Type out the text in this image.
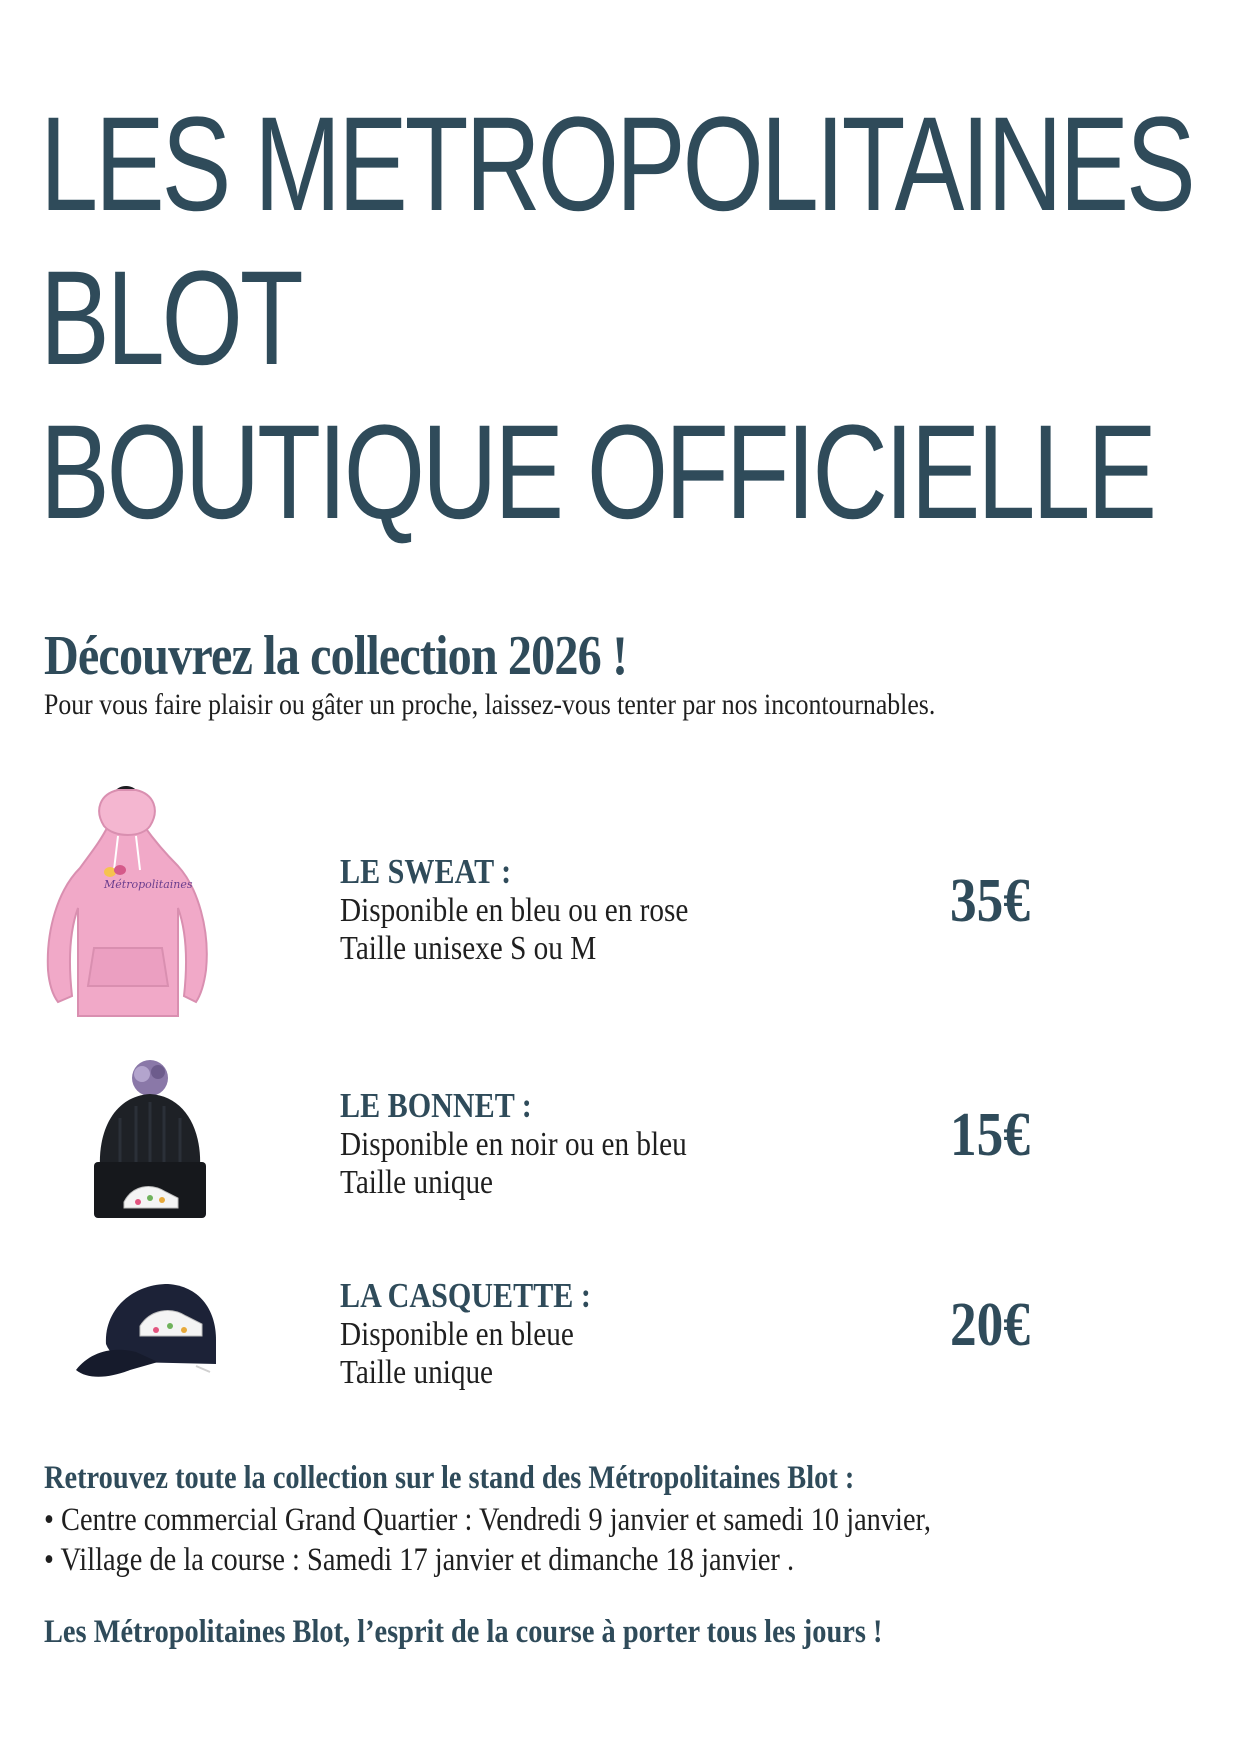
LES METROPOLITAINES
BLOT
BOUTIQUE OFFICIELLE

Découvrez la collection 2026 !

Pour vous faire plaisir ou gâter un proche, laissez-vous tenter par nos incontournables.

Métropolitaines	LE SWEAT :

Disponible en bleu ou en rose

Taille unisexe S ou M

35€

LE BONNET :

Disponible en noir ou en bleu

Taille unique

15€

LA CASQUETTE :

Disponible en bleue

Taille unique

20€

Retrouvez toute la collection sur le stand des Métropolitaines Blot :

• Centre commercial Grand Quartier : Vendredi 9 janvier et samedi 10 janvier,

• Village de la course : Samedi 17 janvier et dimanche 18 janvier .

Les Métropolitaines Blot, l’esprit de la course à porter tous les jours !
